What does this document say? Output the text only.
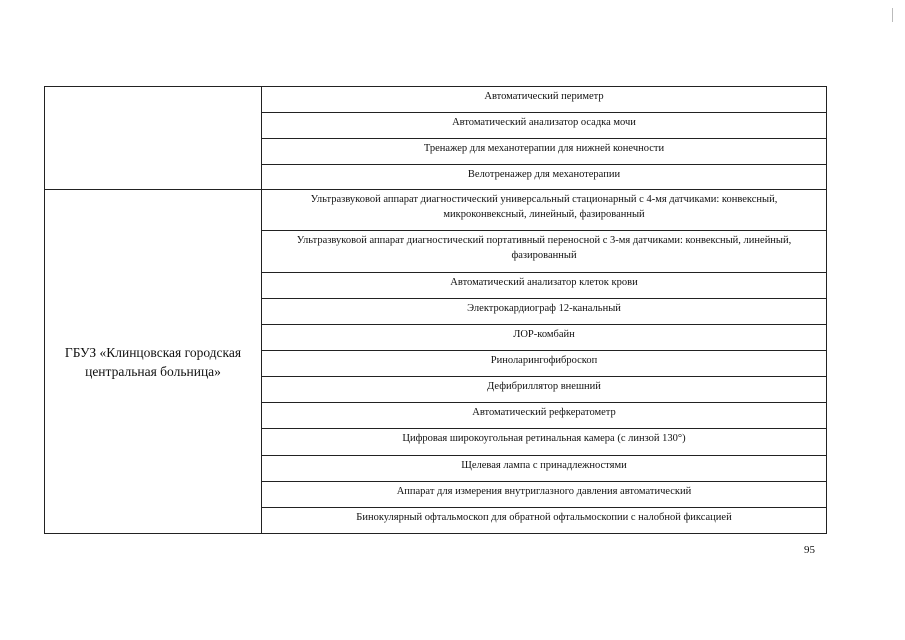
	Автоматический периметр
	Автоматический анализатор осадка мочи
	Тренажер для механотерапии для нижней конечности
	Велотренажер для механотерапии
ГБУЗ «Клинцовская городская центральная больница»	Ультразвуковой аппарат диагностический универсальный стационарный с 4-мя датчиками: конвексный, микроконвексный, линейный, фазированный
	Ультразвуковой аппарат диагностический портативный переносной с 3-мя датчиками: конвексный, линейный, фазированный
	Автоматический анализатор клеток крови
	Электрокардиограф 12-канальный
	ЛОР-комбайн
	Риноларингофиброскоп
	Дефибриллятор внешний
	Автоматический рефкератометр
	Цифровая широкоугольная ретинальная камера (с линзой 130°)
	Щелевая лампа с принадлежностями
	Аппарат для измерения внутриглазного давления автоматический
	Бинокулярный офтальмоскоп для обратной офтальмоскопии с налобной фиксацией
95
